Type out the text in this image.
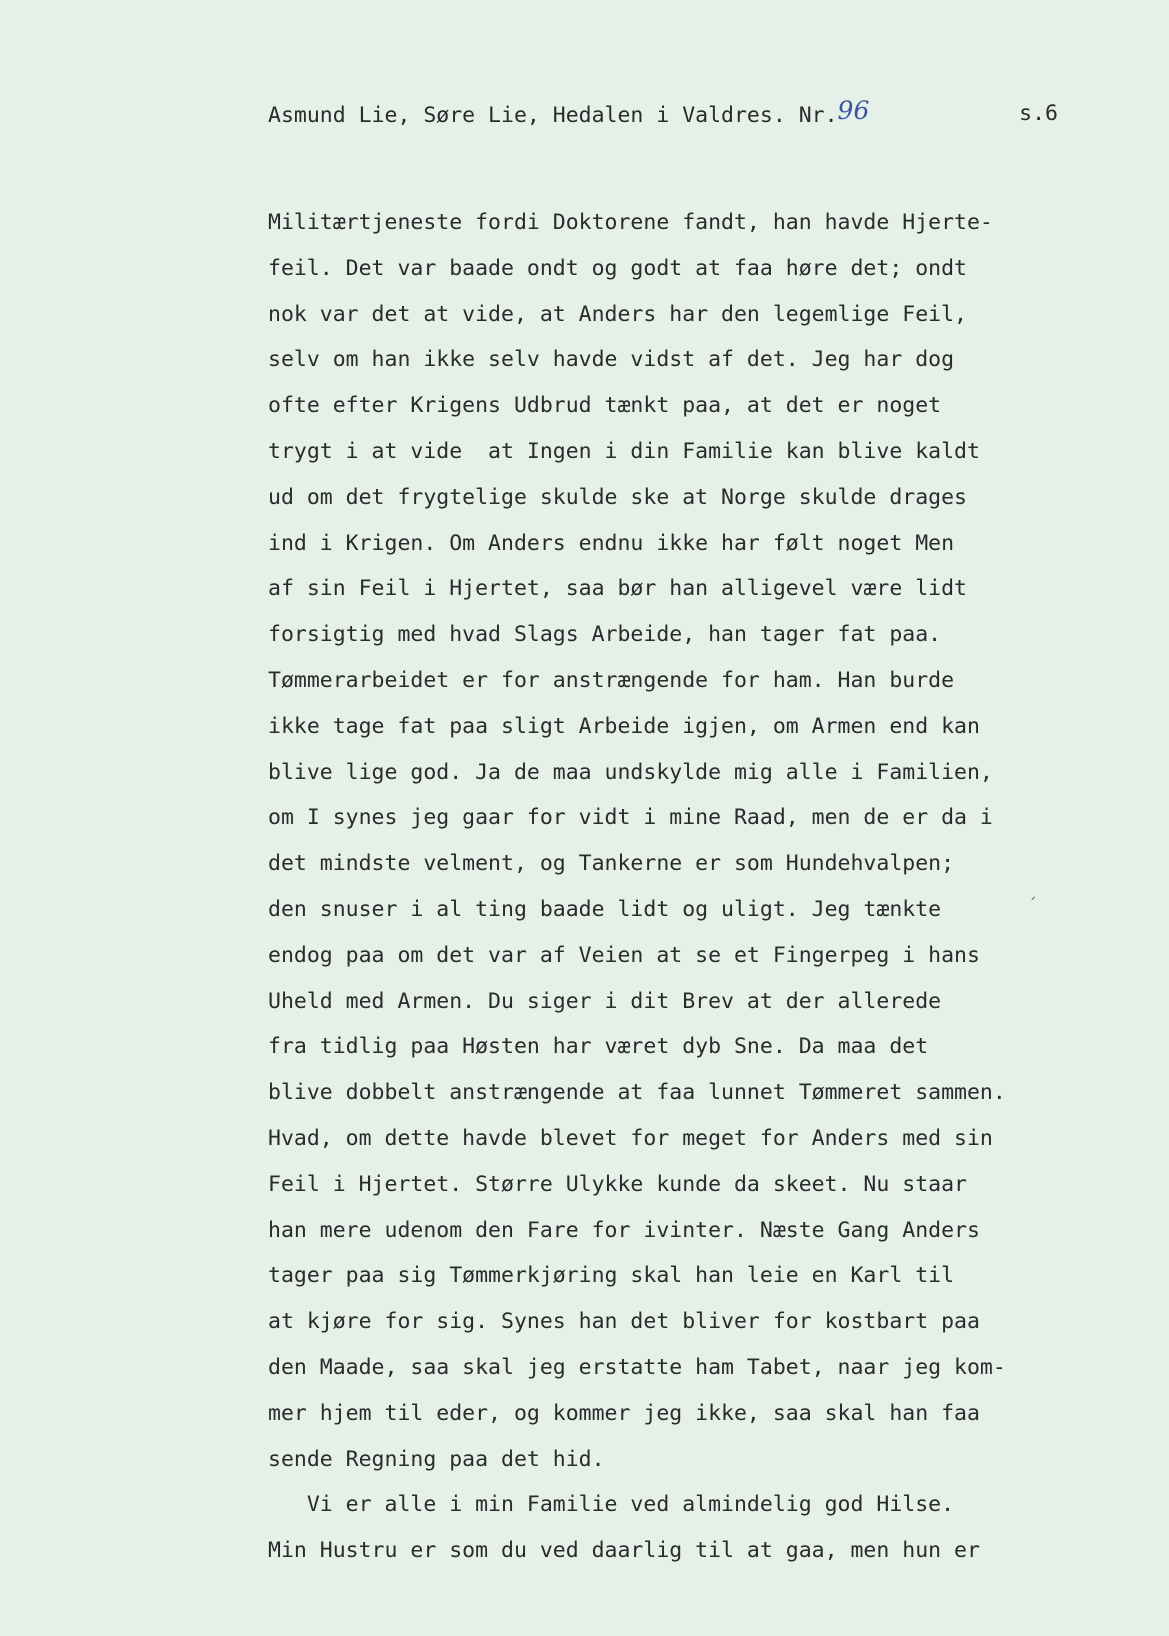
Asmund Lie, Søre Lie, Hedalen i Valdres. Nr.96	s.6
Militærtjeneste fordi Doktorene fandt, han havde Hjerte-
feil. Det var baade ondt og godt at faa høre det; ondt
nok var det at vide, at Anders har den legemlige Feil,
selv om han ikke selv havde vidst af det. Jeg har dog
ofte efter Krigens Udbrud tænkt paa, at det er noget
trygt i at vide  at Ingen i din Familie kan blive kaldt
ud om det frygtelige skulde ske at Norge skulde drages
ind i Krigen. Om Anders endnu ikke har følt noget Men
af sin Feil i Hjertet, saa bør han alligevel være lidt
forsigtig med hvad Slags Arbeide, han tager fat paa.
Tømmerarbeidet er for anstrængende for ham. Han burde
ikke tage fat paa sligt Arbeide igjen, om Armen end kan
blive lige god. Ja de maa undskylde mig alle i Familien,
om I synes jeg gaar for vidt i mine Raad, men de er da i
det mindste velment, og Tankerne er som Hundehvalpen;
den snuser i al ting baade lidt og uligt. Jeg tænkte
endog paa om det var af Veien at se et Fingerpeg i hans
Uheld med Armen. Du siger i dit Brev at der allerede
fra tidlig paa Høsten har været dyb Sne. Da maa det
blive dobbelt anstrængende at faa lunnet Tømmeret sammen.
Hvad, om dette havde blevet for meget for Anders med sin
Feil i Hjertet. Større Ulykke kunde da skeet. Nu staar
han mere udenom den Fare for ivinter. Næste Gang Anders
tager paa sig Tømmerkjøring skal han leie en Karl til
at kjøre for sig. Synes han det bliver for kostbart paa
den Maade, saa skal jeg erstatte ham Tabet, naar jeg kom-
mer hjem til eder, og kommer jeg ikke, saa skal han faa
sende Regning paa det hid.
Vi er alle i min Familie ved almindelig god Hilse.
Min Hustru er som du ved daarlig til at gaa, men hun er
ˊ
